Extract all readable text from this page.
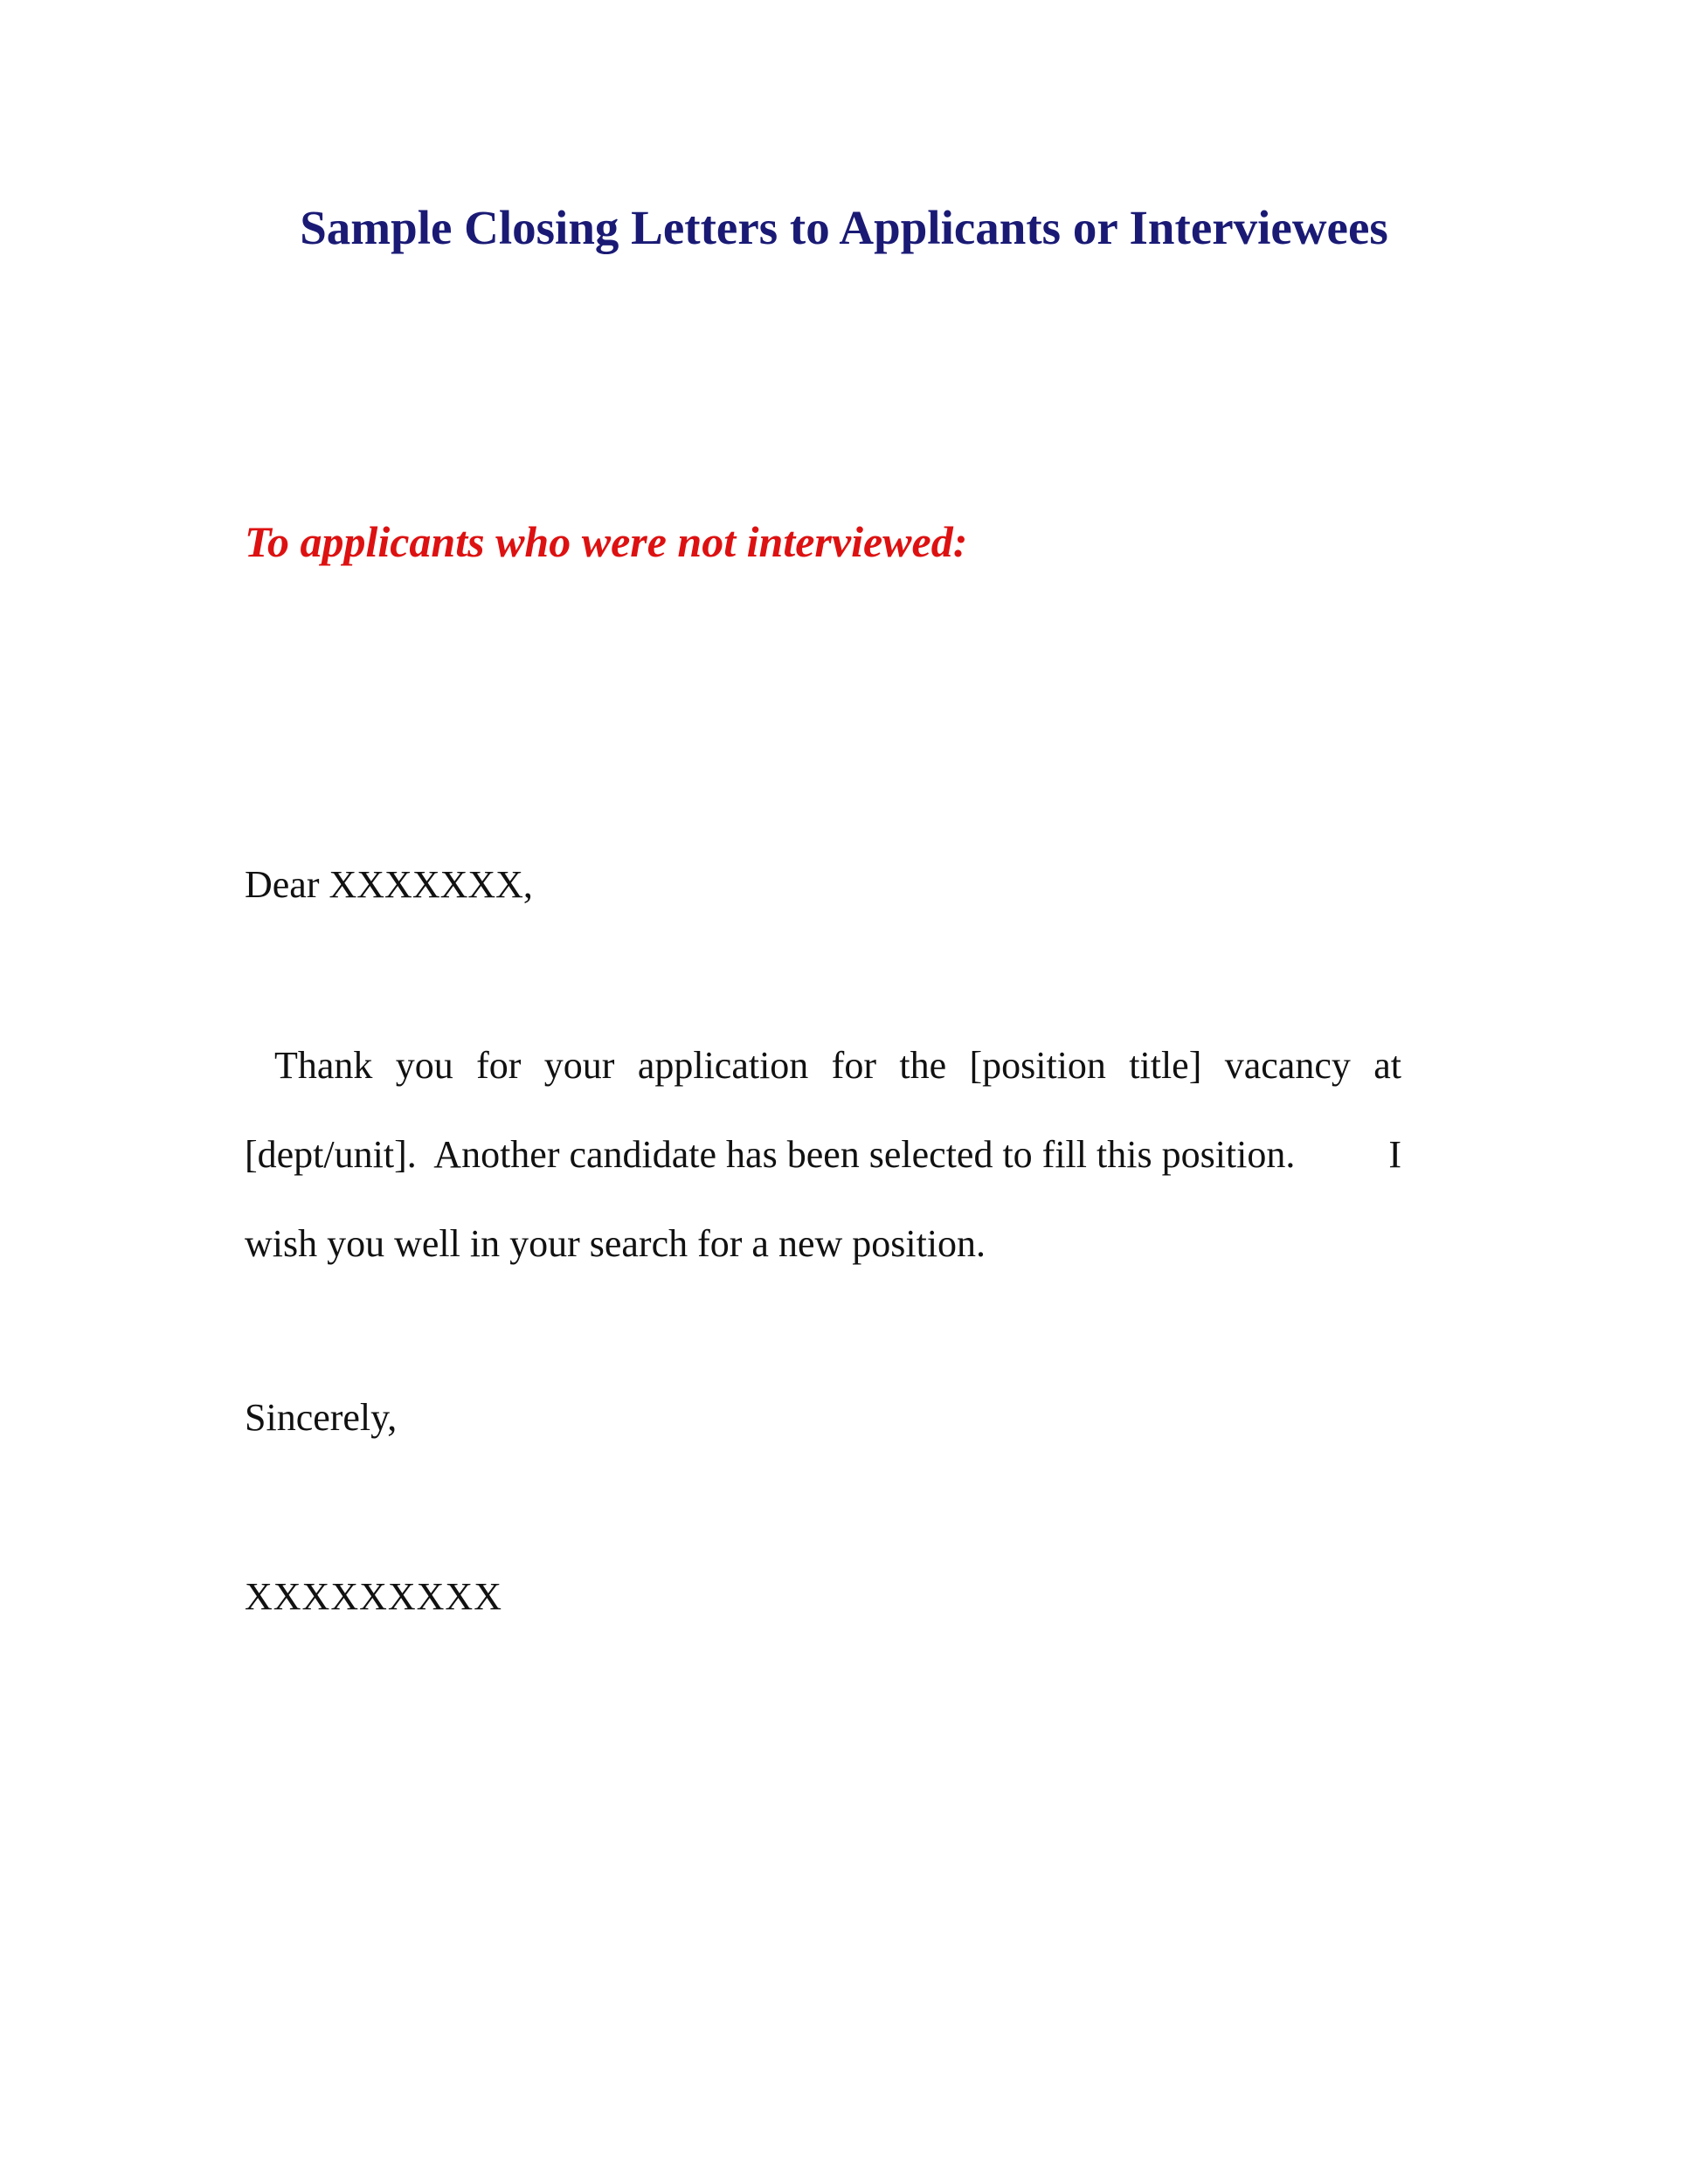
Sample Closing Letters to Applicants or Interviewees
To applicants who were not interviewed:

Dear XXXXXXX,

Thank you for your application for the [position title] vacancy at
[dept/unit].  Another candidate has been selected to fill this position. I
wish you well in your search for a new position.

Sincerely,

XXXXXXXXX
